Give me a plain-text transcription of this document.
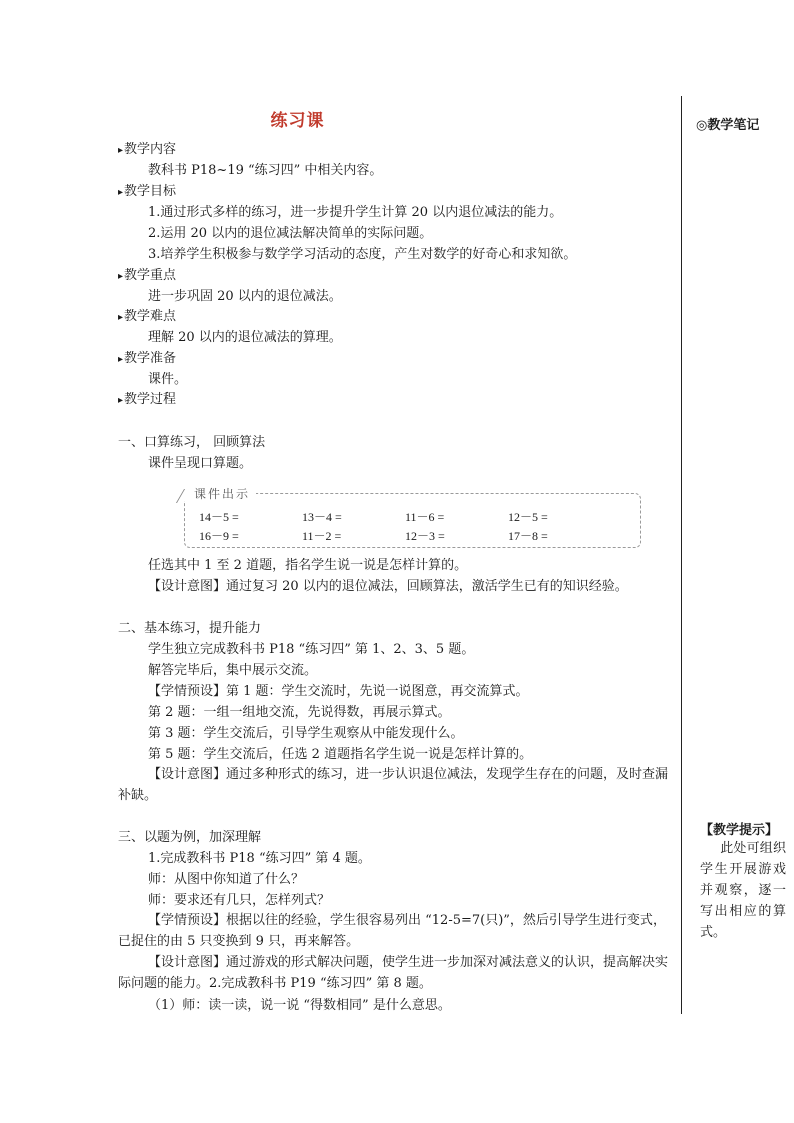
练习课	◎教学笔记
【教学提示】
此处可组织学生开展游戏并观察，逐一写出相应的算式。
▸ 教学内容
教科书 P18~19 “练习四” 中相关内容。
▸ 教学目标
1.通过形式多样的练习，进一步提升学生计算 20 以内退位减法的能力。
2.运用 20 以内的退位减法解决简单的实际问题。
3.培养学生积极参与数学学习活动的态度，产生对数学的好奇心和求知欲。
▸ 教学重点
进一步巩固 20 以内的退位减法。
▸ 教学难点
理解 20 以内的退位减法的算理。
▸ 教学准备
课件。
▸ 教学过程
一、口算练习， 回顾算法
课件呈现口算题。
课件出示
14－5 =	13－4 =	11－6 =	12－5 =
16－9 =	11－2 =	12－3 =	17－8 =
任选其中 1 至 2 道题，指名学生说一说是怎样计算的。
【设计意图】通过复习 20 以内的退位减法，回顾算法，激活学生已有的知识经验。
二、基本练习，提升能力
学生独立完成教科书 P18 “练习四” 第 1、2、3、5 题。
解答完毕后，集中展示交流。
【学情预设】第 1 题：学生交流时，先说一说图意，再交流算式。
第 2 题：一组一组地交流，先说得数，再展示算式。
第 3 题：学生交流后，引导学生观察从中能发现什么。
第 5 题：学生交流后，任选 2 道题指名学生说一说是怎样计算的。
【设计意图】通过多种形式的练习，进一步认识退位减法，发现学生存在的问题，及时查漏补缺。
三、以题为例，加深理解
1.完成教科书 P18 “练习四” 第 4 题。
师：从图中你知道了什么？
师：要求还有几只，怎样列式？
【学情预设】根据以往的经验，学生很容易列出 “12-5=7(只)”，然后引导学生进行变式，已捉住的由 5 只变换到 9 只，再来解答。
【设计意图】通过游戏的形式解决问题，使学生进一步加深对减法意义的认识，提高解决实际问题的能力。2.完成教科书 P19 “练习四” 第 8 题。
（1）师：读一读，说一说 “得数相同” 是什么意思。
